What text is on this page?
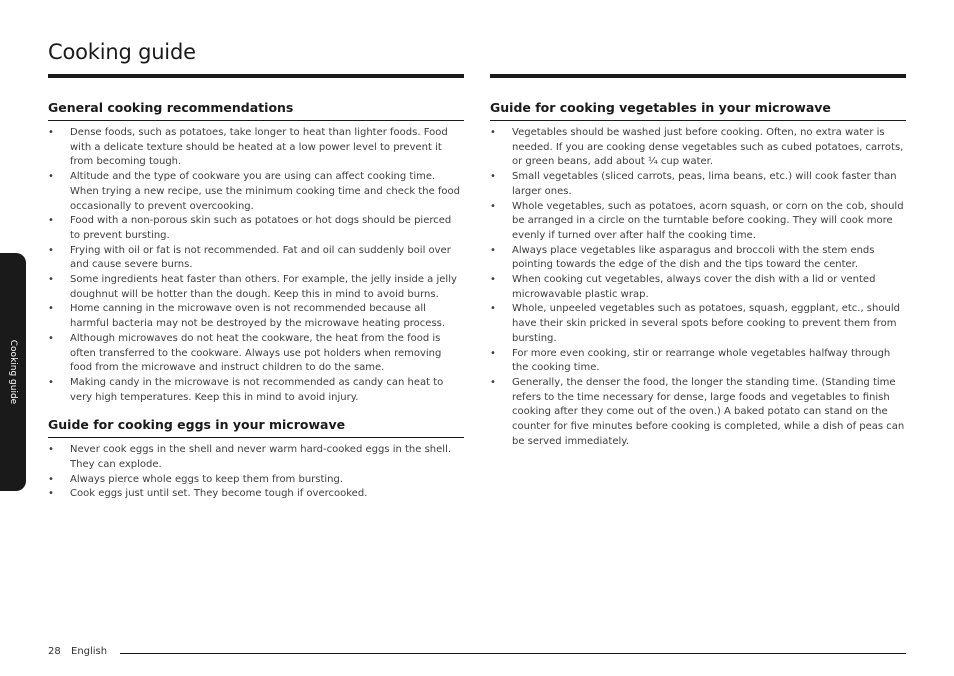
Cooking guide
Cooking guide
General cooking recommendations
• Dense foods, such as potatoes, take longer to heat than lighter foods. Food with a delicate texture should be heated at a low power level to prevent it from becoming tough.
• Altitude and the type of cookware you are using can affect cooking time. When trying a new recipe, use the minimum cooking time and check the food occasionally to prevent overcooking.
• Food with a non-porous skin such as potatoes or hot dogs should be pierced to prevent bursting.
• Frying with oil or fat is not recommended. Fat and oil can suddenly boil over and cause severe burns.
• Some ingredients heat faster than others. For example, the jelly inside a jelly doughnut will be hotter than the dough. Keep this in mind to avoid burns.
• Home canning in the microwave oven is not recommended because all harmful bacteria may not be destroyed by the microwave heating process.
• Although microwaves do not heat the cookware, the heat from the food is often transferred to the cookware. Always use pot holders when removing food from the microwave and instruct children to do the same.
• Making candy in the microwave is not recommended as candy can heat to very high temperatures. Keep this in mind to avoid injury.
Guide for cooking eggs in your microwave
• Never cook eggs in the shell and never warm hard-cooked eggs in the shell. They can explode.
• Always pierce whole eggs to keep them from bursting.
• Cook eggs just until set. They become tough if overcooked.
Guide for cooking vegetables in your microwave
• Vegetables should be washed just before cooking. Often, no extra water is needed. If you are cooking dense vegetables such as cubed potatoes, carrots, or green beans, add about ¼ cup water.
• Small vegetables (sliced carrots, peas, lima beans, etc.) will cook faster than larger ones.
• Whole vegetables, such as potatoes, acorn squash, or corn on the cob, should be arranged in a circle on the turntable before cooking. They will cook more evenly if turned over after half the cooking time.
• Always place vegetables like asparagus and broccoli with the stem ends pointing towards the edge of the dish and the tips toward the center.
• When cooking cut vegetables, always cover the dish with a lid or vented microwavable plastic wrap.
• Whole, unpeeled vegetables such as potatoes, squash, eggplant, etc., should have their skin pricked in several spots before cooking to prevent them from bursting.
• For more even cooking, stir or rearrange whole vegetables halfway through the cooking time.
• Generally, the denser the food, the longer the standing time. (Standing time refers to the time necessary for dense, large foods and vegetables to finish cooking after they come out of the oven.) A baked potato can stand on the counter for five minutes before cooking is completed, while a dish of peas can be served immediately.
28 English
